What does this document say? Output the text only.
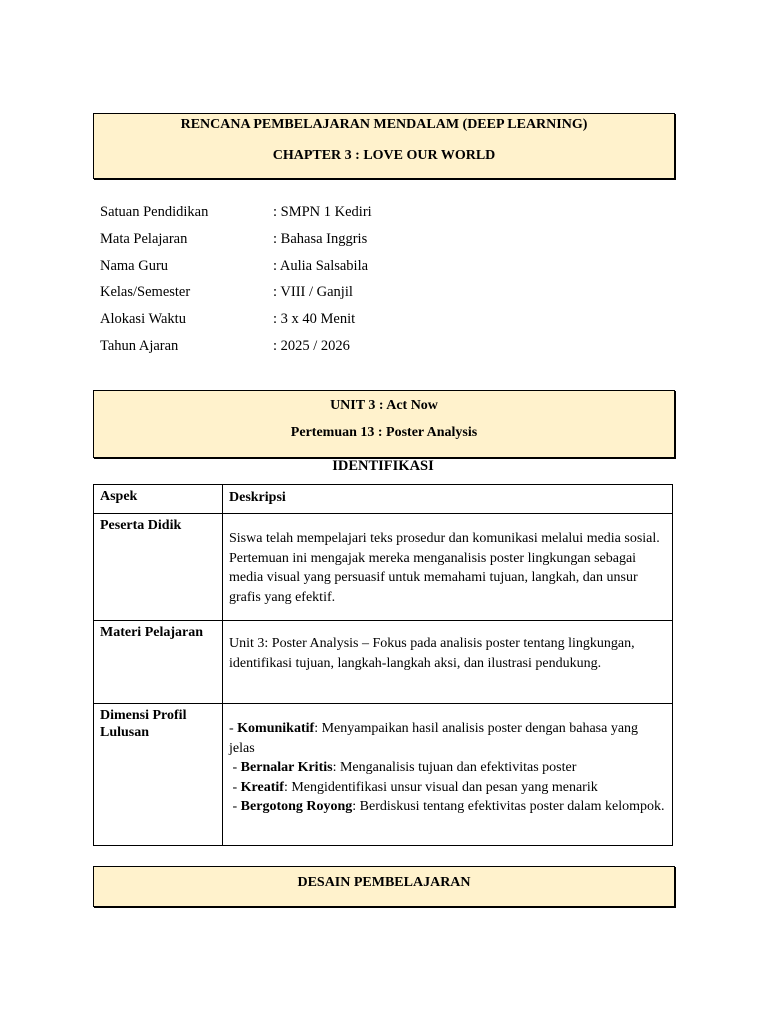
RENCANA PEMBELAJARAN MENDALAM (DEEP LEARNING)
CHAPTER 3 : LOVE OUR WORLD
Satuan Pendidikan	: SMPN 1 Kediri
Mata Pelajaran	: Bahasa Inggris
Nama Guru	: Aulia Salsabila
Kelas/Semester	: VIII / Ganjil
Alokasi Waktu	: 3 x 40 Menit
Tahun Ajaran	: 2025 / 2026
UNIT 3 : Act Now
Pertemuan 13 : Poster Analysis
IDENTIFIKASI
Aspek	Deskripsi
Peserta Didik	Siswa telah mempelajari teks prosedur dan komunikasi melalui media sosial. Pertemuan ini mengajak mereka menganalisis poster lingkungan sebagai media visual yang persuasif untuk memahami tujuan, langkah, dan unsur grafis yang efektif.

Materi Pelajaran	Unit 3: Poster Analysis – Fokus pada analisis poster tentang lingkungan, identifikasi tujuan, langkah-langkah aksi, dan ilustrasi pendukung.

Dimensi Profil Lulusan	- Komunikatif: Menyampaikan hasil analisis poster dengan bahasa yang jelas
- Bernalar Kritis: Menganalisis tujuan dan efektivitas poster
- Kreatif: Mengidentifikasi unsur visual dan pesan yang menarik
- Bergotong Royong: Berdiskusi tentang efektivitas poster dalam kelompok.
DESAIN PEMBELAJARAN
